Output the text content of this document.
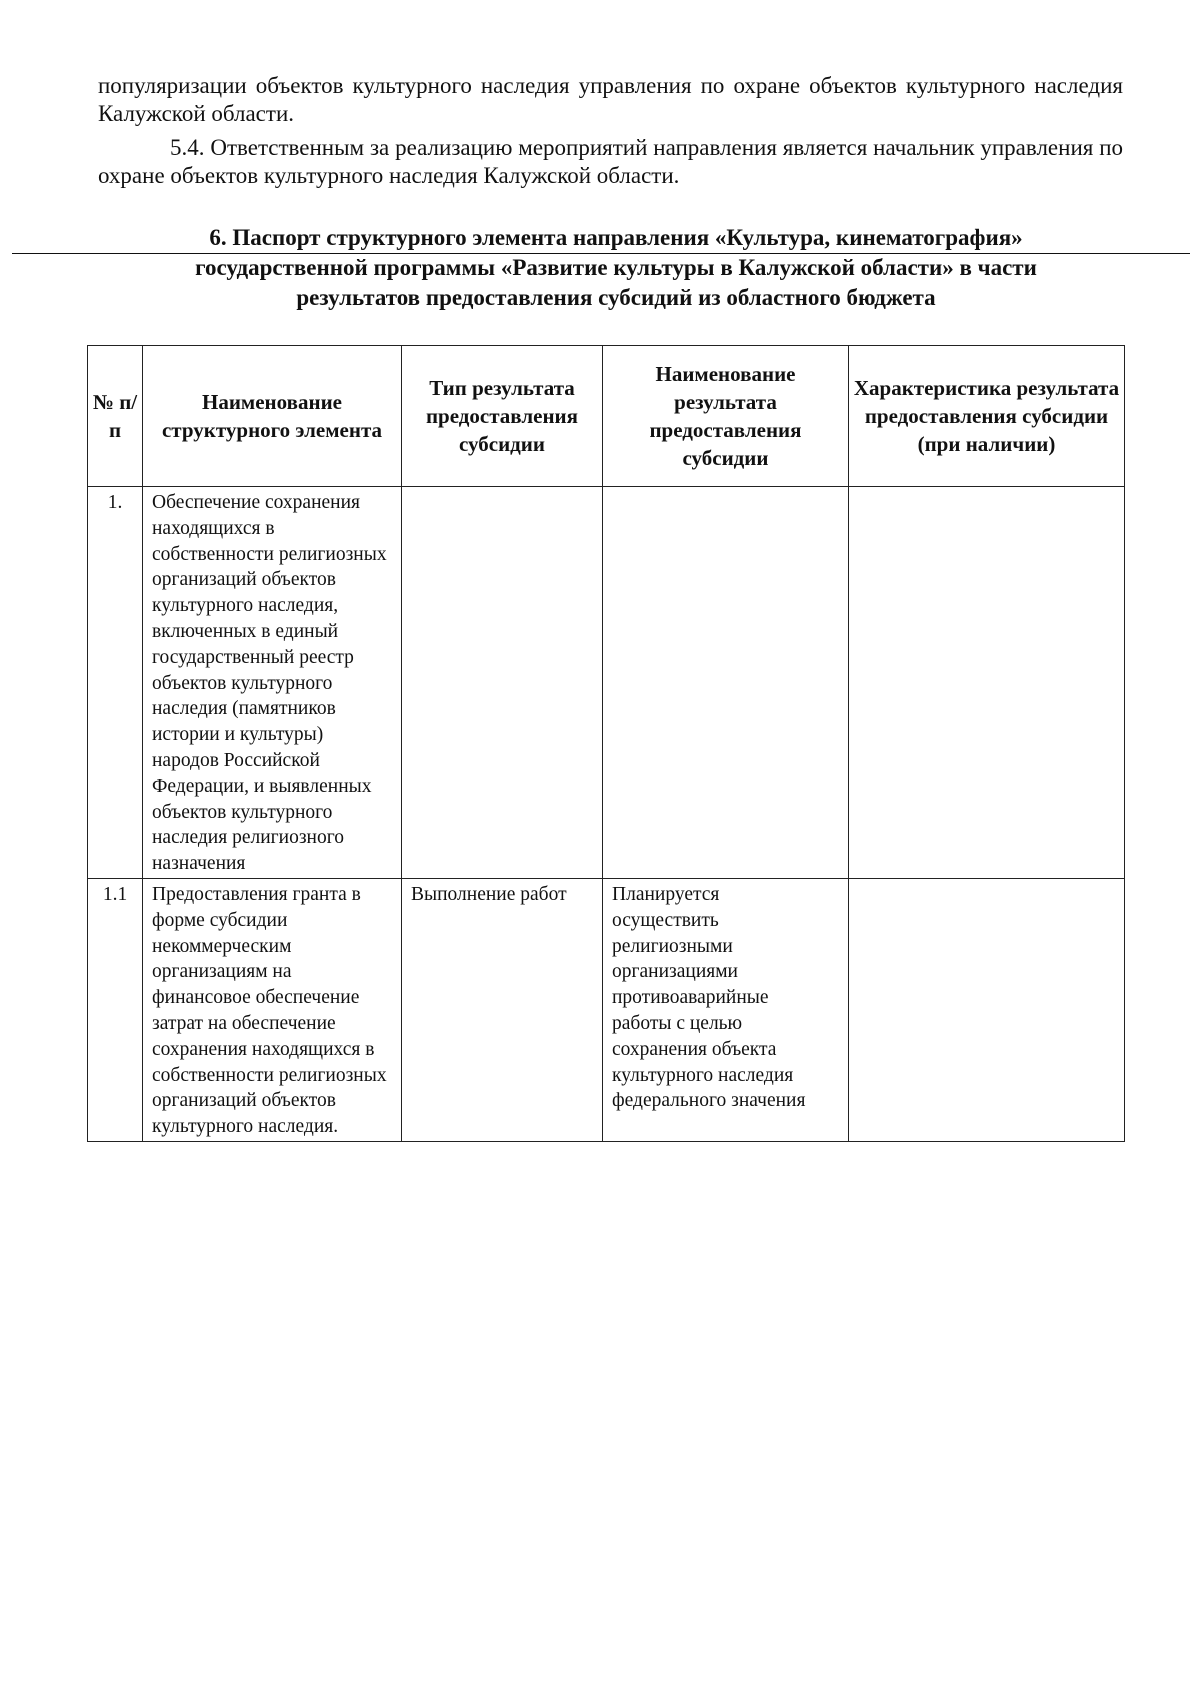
популяризации объектов культурного наследия управления по охране объектов культурного наследия Калужской области.

5.4. Ответственным за реализацию мероприятий направления является начальник управления по охране объектов культурного наследия Калужской области.

6. Паспорт структурного элемента направления «Культура, кинематография»
государственной программы «Развитие культуры в Калужской области» в части
результатов предоставления субсидий из областного бюджета
№ п/п	Наименование структурного элемента	Тип результата предоставления субсидии	Наименование результата предоставления субсидии	Характеристика результата предоставления субсидии (при наличии)
1.	Обеспечение сохранения находящихся в собственности религиозных организаций объектов культурного наследия, включенных в единый государственный реестр объектов культурного наследия (памятников истории и культуры) народов Российской Федерации, и выявленных объектов культурного наследия религиозного назначения			

1.1	Предоставления гранта в форме субсидии некоммерческим организациям на финансовое обеспечение затрат на обеспечение сохранения находящихся в собственности религиозных организаций объектов культурного наследия.	Выполнение работ	Планируется осуществить религиозными организациями противоаварийные работы с целью сохранения объекта культурного наследия федерального значения	
